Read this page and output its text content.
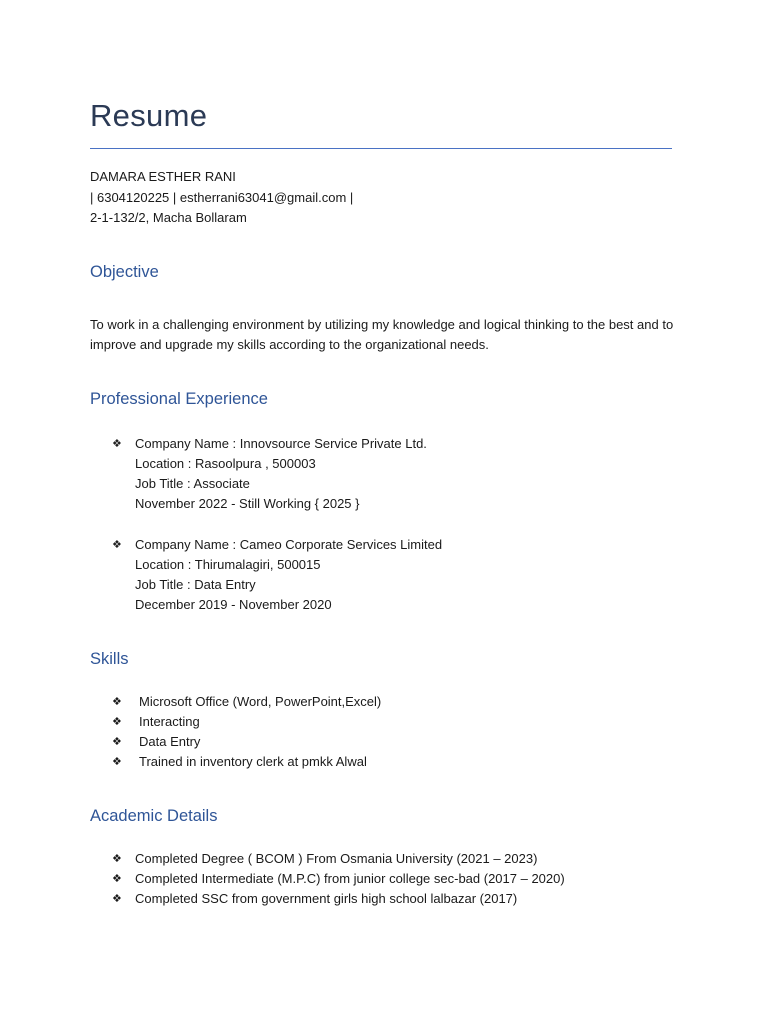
Resume
DAMARA ESTHER RANI
| 6304120225 | estherrani63041@gmail.com |
2-1-132/2, Macha Bollaram
Objective
To work in a challenging environment by utilizing my knowledge and logical thinking to the best and to improve and upgrade my skills according to the organizational needs.
Professional Experience
❖	Company Name : Innovsource Service Private Ltd.
Location : Rasoolpura , 500003
Job Title : Associate
November 2022 - Still Working { 2025 }
❖	Company Name : Cameo Corporate Services Limited
Location : Thirumalagiri, 500015
Job Title : Data Entry
December 2019 - November 2020
Skills
❖ Microsoft Office (Word, PowerPoint,Excel)
❖ Interacting
❖ Data Entry
❖ Trained in inventory clerk at pmkk Alwal
Academic Details
❖ Completed Degree ( BCOM ) From Osmania University (2021 – 2023)
❖ Completed Intermediate (M.P.C) from junior college sec-bad (2017 – 2020)
❖ Completed SSC from government girls high school lalbazar (2017)
